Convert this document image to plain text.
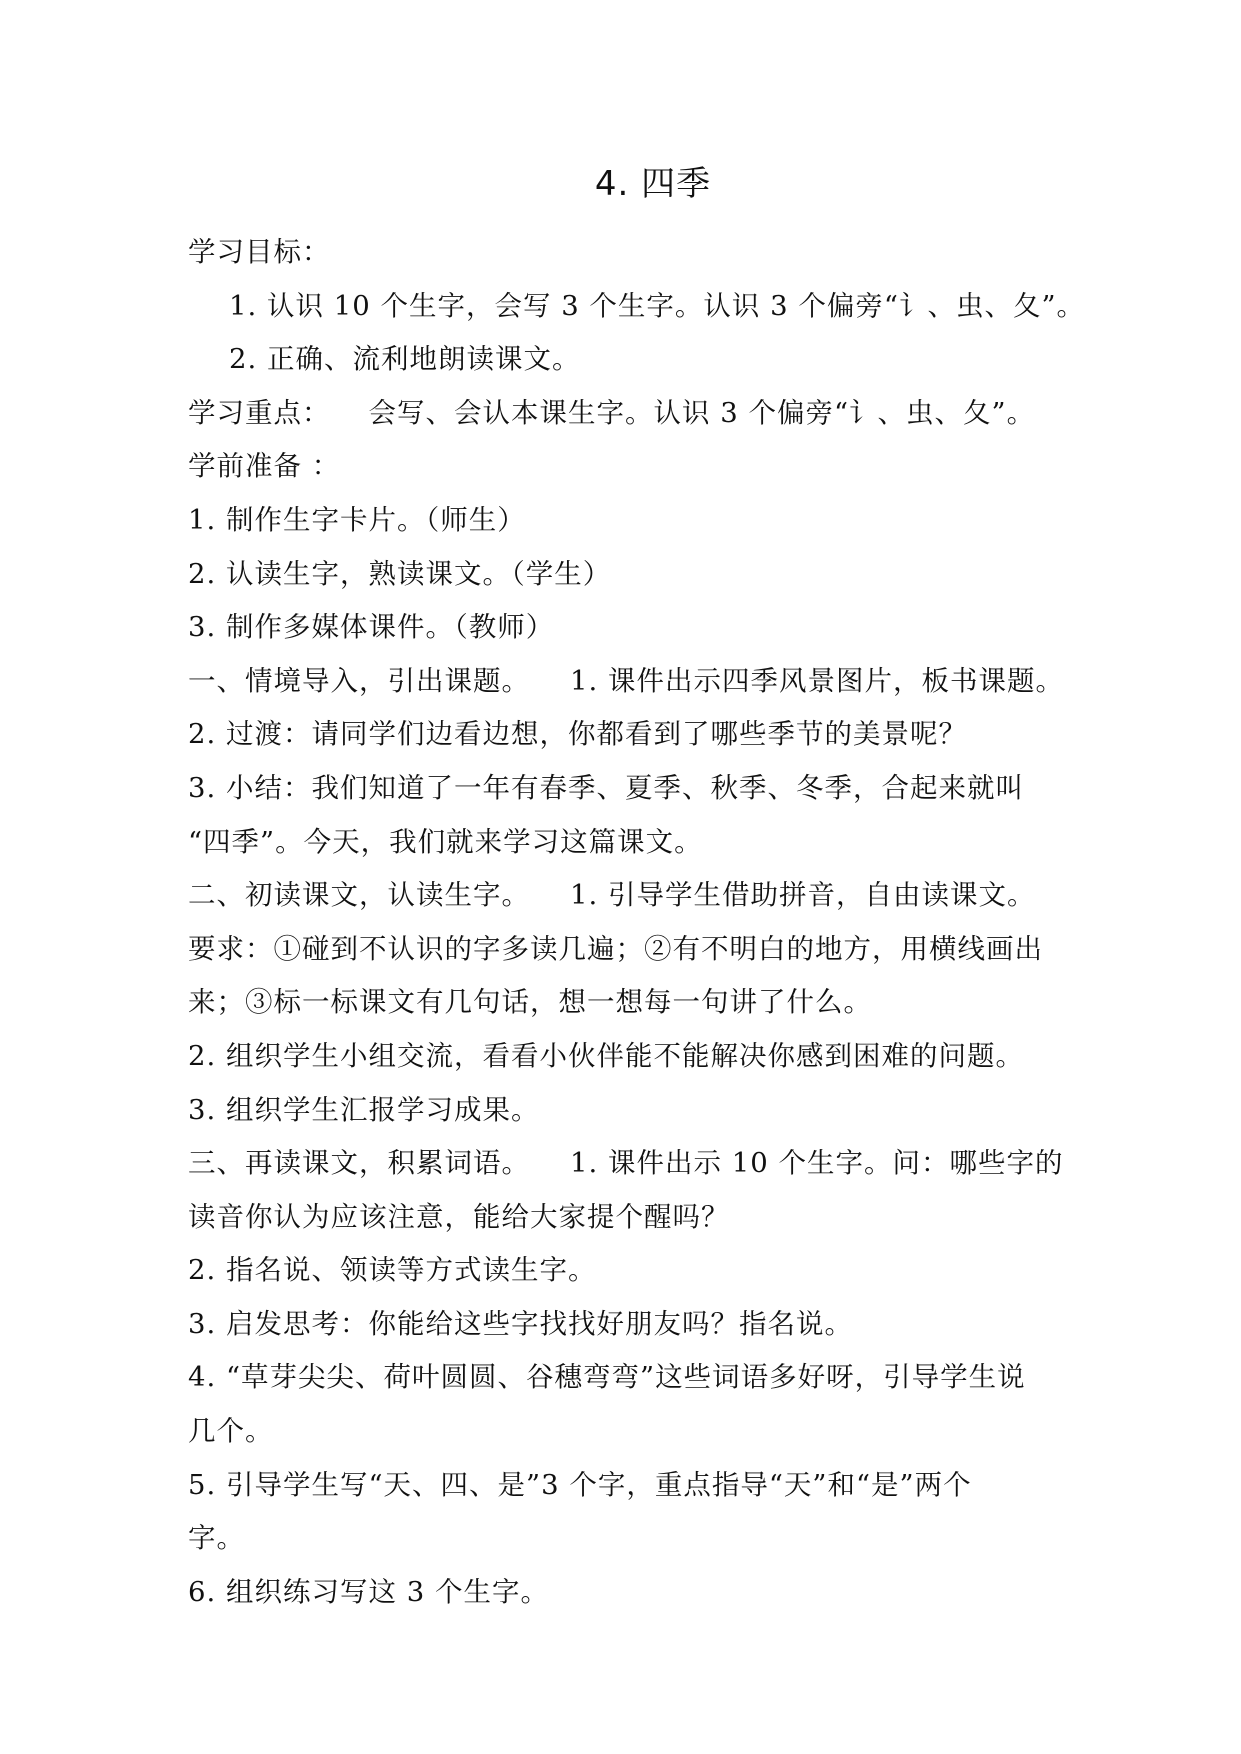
4. 四季
学习目标：
1. 认识 10 个生字，会写 3 个生字。认识 3 个偏旁“讠、虫、夂”。
2. 正确、流利地朗读课文。
学习重点： 会写、会认本课生字。认识 3 个偏旁“讠、虫、夂”。
学前准备 ：
1. 制作生字卡片。（师生）
2. 认读生字，熟读课文。（学生）
3. 制作多媒体课件。（教师）
一、情境导入，引出课题。 1. 课件出示四季风景图片，板书课题。
2. 过渡：请同学们边看边想，你都看到了哪些季节的美景呢？
3. 小结：我们知道了一年有春季、夏季、秋季、冬季，合起来就叫
“四季”。今天，我们就来学习这篇课文。
二、初读课文，认读生字。 1. 引导学生借助拼音，自由读课文。
要求：①碰到不认识的字多读几遍；②有不明白的地方，用横线画出
来；③标一标课文有几句话，想一想每一句讲了什么。
2. 组织学生小组交流，看看小伙伴能不能解决你感到困难的问题。
3. 组织学生汇报学习成果。
三、再读课文，积累词语。 1. 课件出示 10 个生字。问：哪些字的
读音你认为应该注意，能给大家提个醒吗？
2. 指名说、领读等方式读生字。
3. 启发思考：你能给这些字找找好朋友吗？指名说。
4. “草芽尖尖、荷叶圆圆、谷穗弯弯”这些词语多好呀，引导学生说
几个。
5. 引导学生写“天、四、是”3 个字，重点指导“天”和“是”两个
字。
6. 组织练习写这 3 个生字。
